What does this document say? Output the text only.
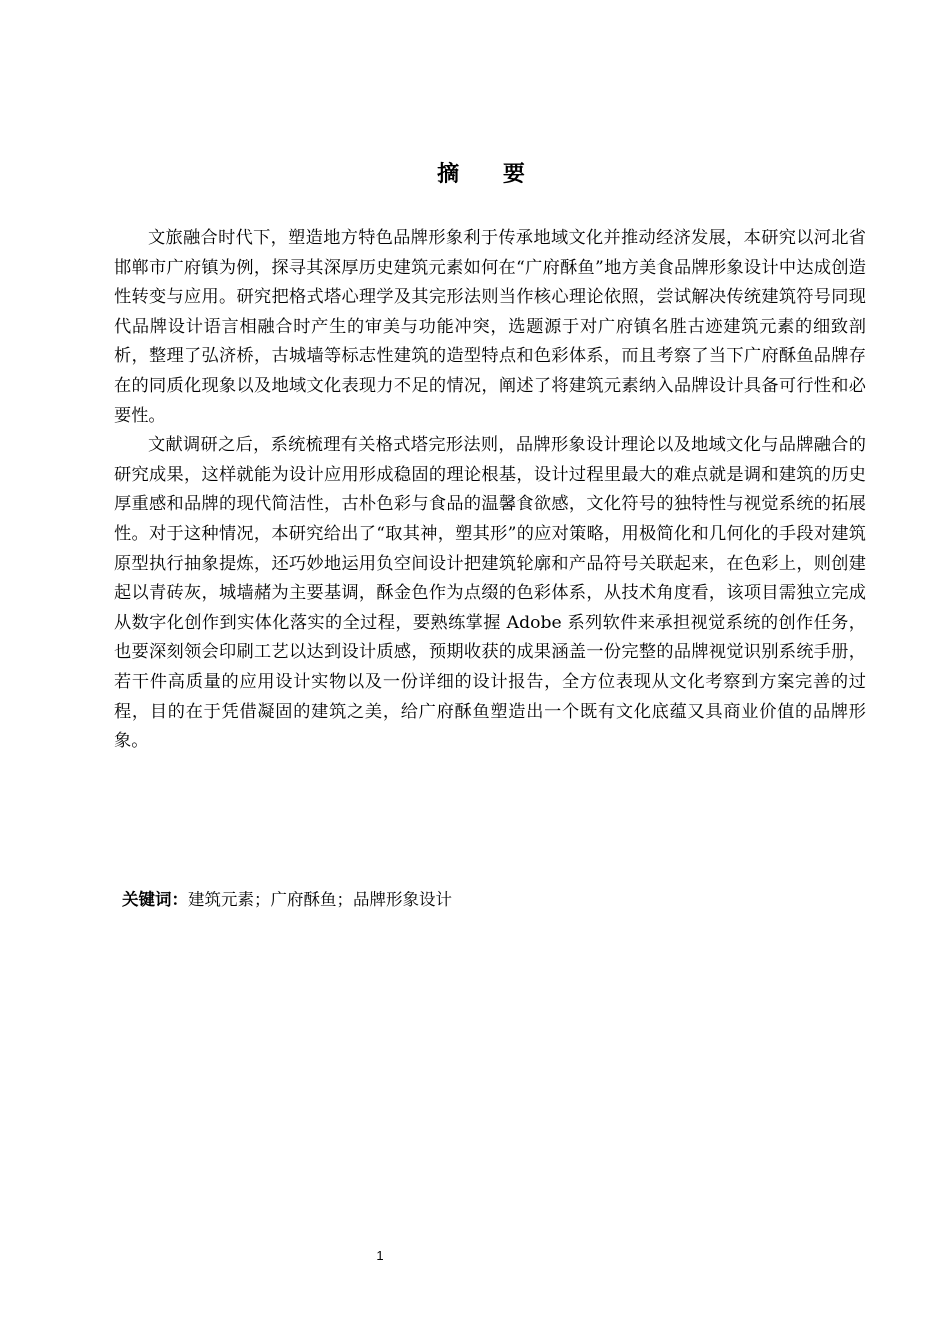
摘 要

文旅融合时代下，塑造地方特色品牌形象利于传承地域文化并推动经济发展，本研究以河北省邯郸市广府镇为例，探寻其深厚历史建筑元素如何在“广府酥鱼”地方美食品牌形象设计中达成创造性转变与应用。研究把格式塔心理学及其完形法则当作核心理论依照，尝试解决传统建筑符号同现代品牌设计语言相融合时产生的审美与功能冲突，选题源于对广府镇名胜古迹建筑元素的细致剖析，整理了弘济桥，古城墙等标志性建筑的造型特点和色彩体系，而且考察了当下广府酥鱼品牌存在的同质化现象以及地域文化表现力不足的情况，阐述了将建筑元素纳入品牌设计具备可行性和必要性。

文献调研之后，系统梳理有关格式塔完形法则，品牌形象设计理论以及地域文化与品牌融合的研究成果，这样就能为设计应用形成稳固的理论根基，设计过程里最大的难点就是调和建筑的历史厚重感和品牌的现代简洁性，古朴色彩与食品的温馨食欲感，文化符号的独特性与视觉系统的拓展性。对于这种情况，本研究给出了“取其神，塑其形”的应对策略，用极简化和几何化的手段对建筑原型执行抽象提炼，还巧妙地运用负空间设计把建筑轮廓和产品符号关联起来，在色彩上，则创建起以青砖灰，城墙赭为主要基调，酥金色作为点缀的色彩体系，从技术角度看，该项目需独立完成从数字化创作到实体化落实的全过程，要熟练掌握 Adobe 系列软件来承担视觉系统的创作任务，也要深刻领会印刷工艺以达到设计质感，预期收获的成果涵盖一份完整的品牌视觉识别系统手册，若干件高质量的应用设计实物以及一份详细的设计报告，全方位表现从文化考察到方案完善的过程，目的在于凭借凝固的建筑之美，给广府酥鱼塑造出一个既有文化底蕴又具商业价值的品牌形象。

关键词：建筑元素；广府酥鱼；品牌形象设计
1
